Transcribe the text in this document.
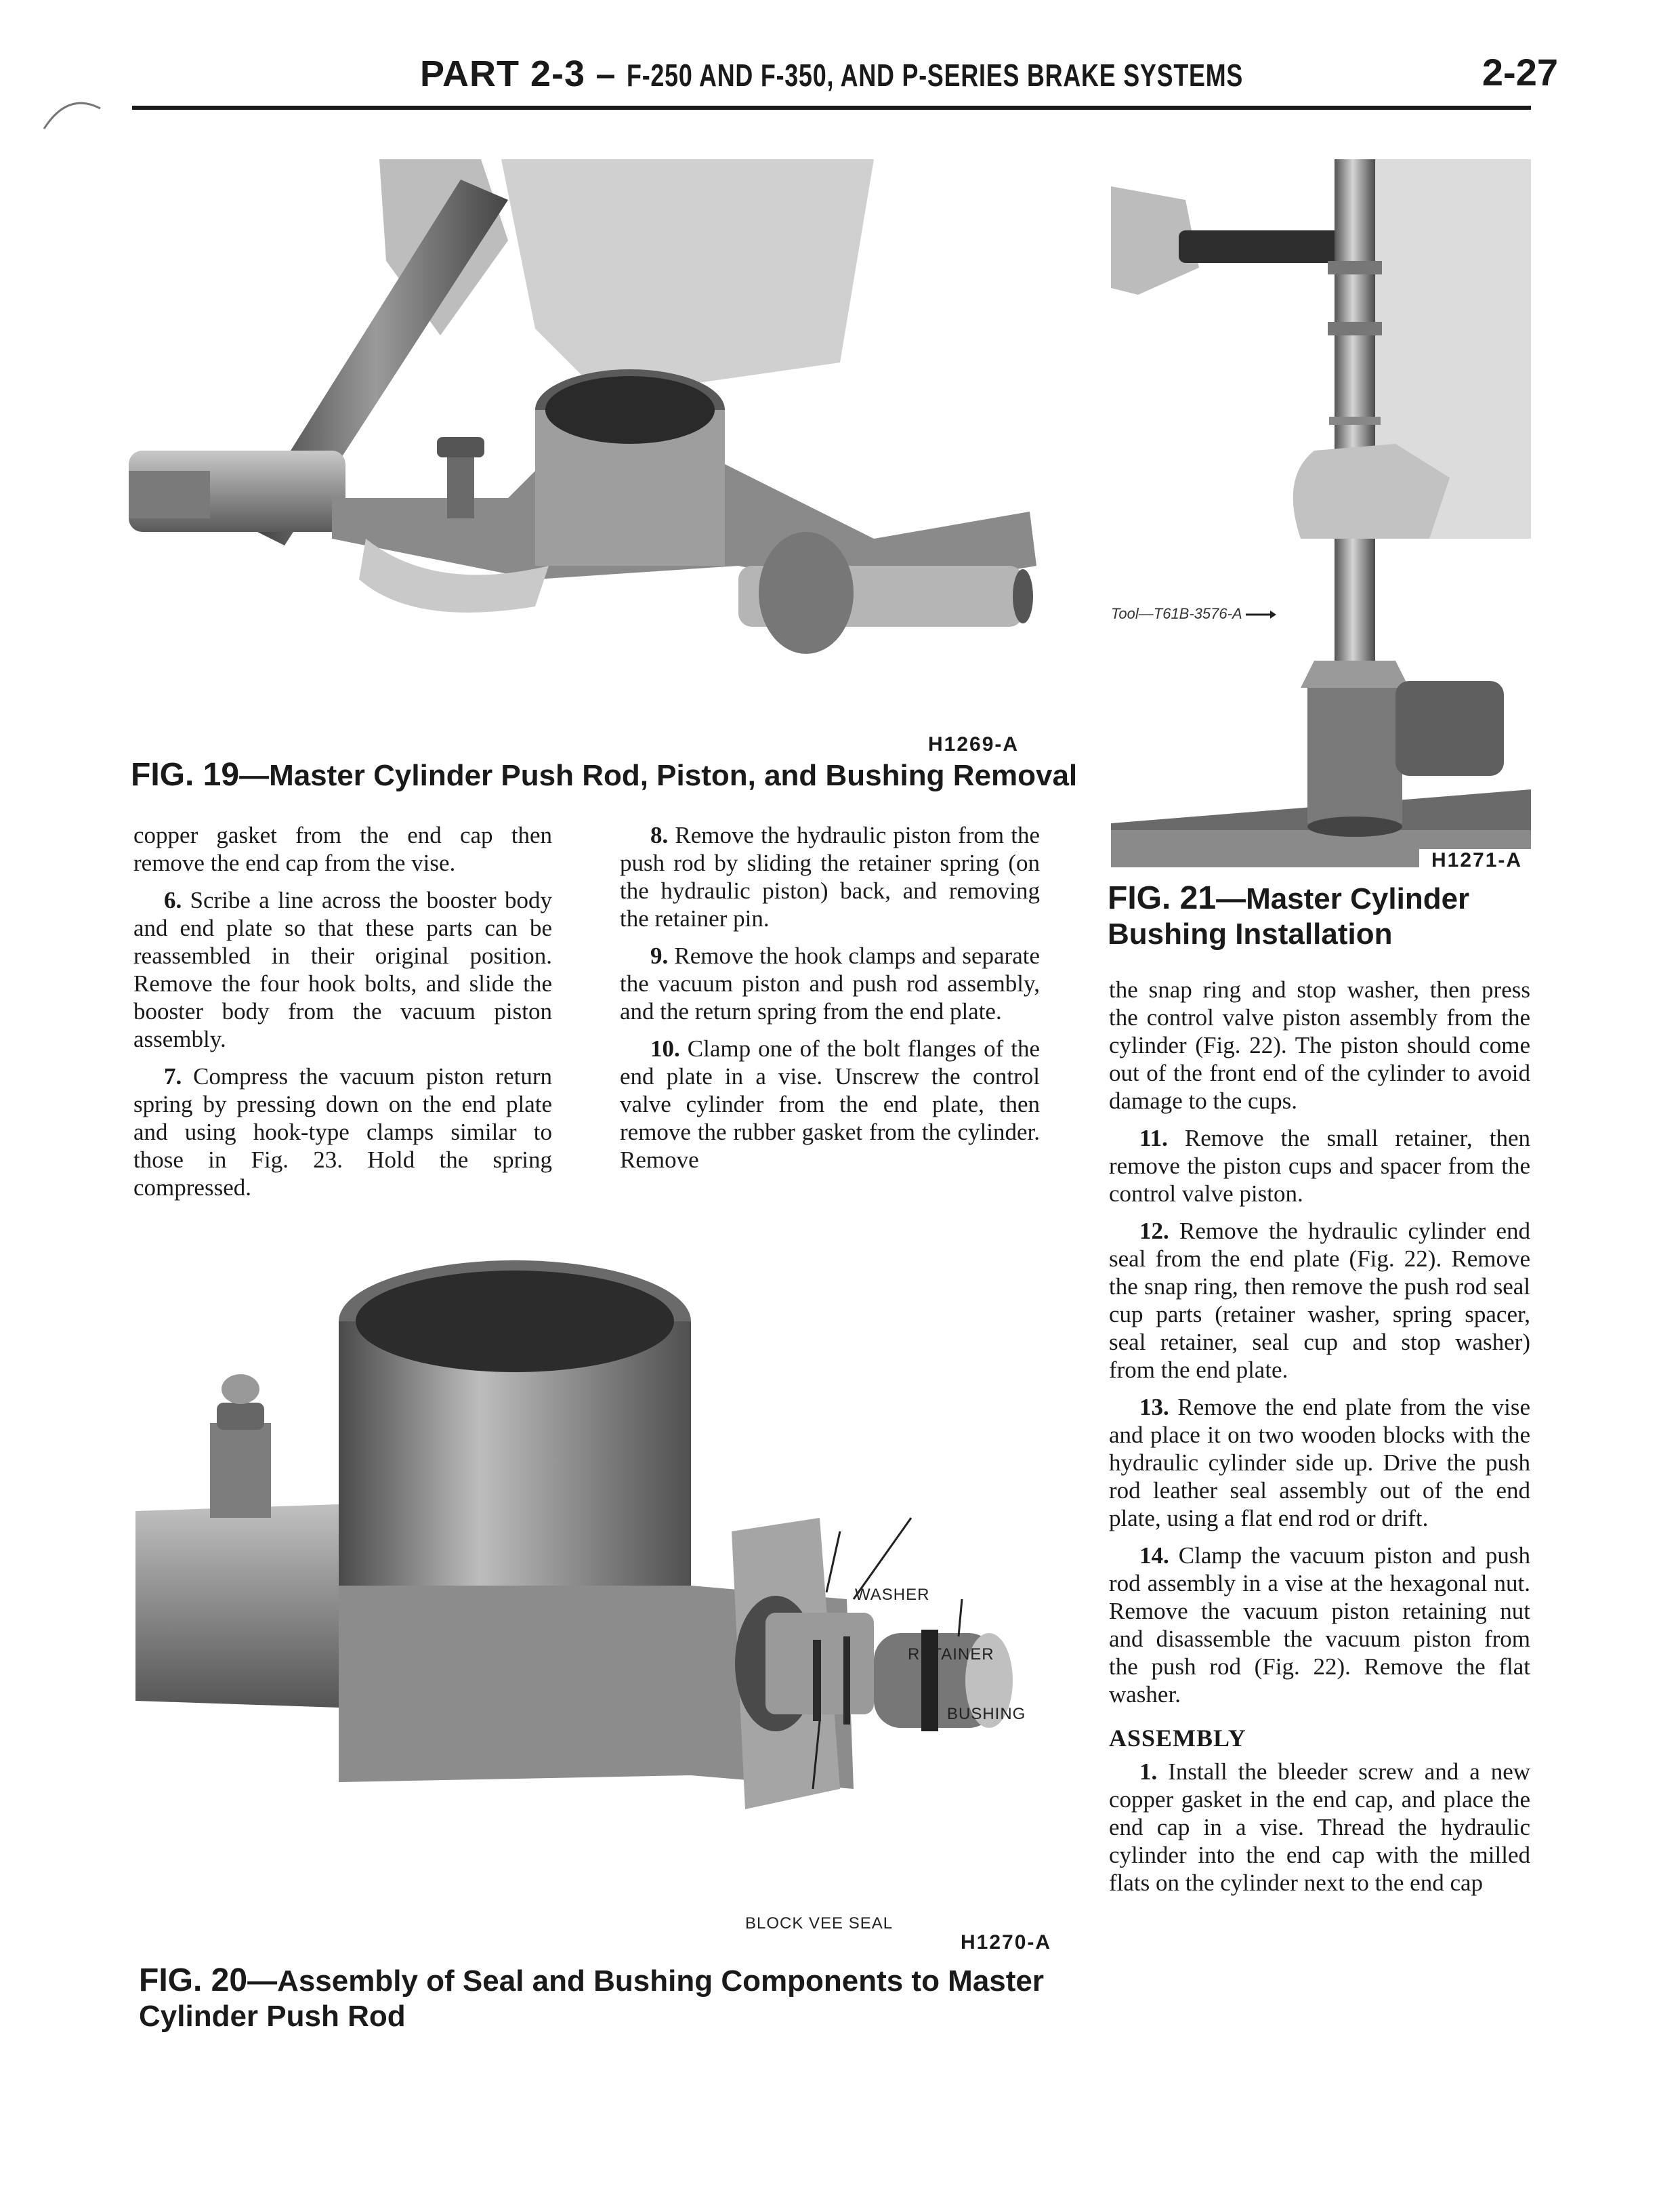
PART 2-3 – F-250 AND F-350, AND P-SERIES BRAKE SYSTEMS	2-27
H1269-A
FIG. 19—Master Cylinder Push Rod, Piston, and Bushing Removal
Tool—T61B-3576-A
H1271-A
FIG. 21—Master Cylinder Bushing Installation

copper gasket from the end cap then remove the end cap from the vise.

6. Scribe a line across the booster body and end plate so that these parts can be reassembled in their original position. Remove the four hook bolts, and slide the booster body from the vacuum piston assembly.

7. Compress the vacuum piston return spring by pressing down on the end plate and using hook-type clamps similar to those in Fig. 23. Hold the spring compressed.

8. Remove the hydraulic piston from the push rod by sliding the retainer spring (on the hydraulic piston) back, and removing the retainer pin.

9. Remove the hook clamps and separate the vacuum piston and push rod assembly, and the return spring from the end plate.

10. Clamp one of the bolt flanges of the end plate in a vise. Unscrew the control valve cylinder from the end plate, then remove the rubber gasket from the cylinder. Remove

WASHER
RETAINER
BUSHING
BLOCK VEE SEAL
H1270-A
FIG. 20—Assembly of Seal and Bushing Components to Master Cylinder Push Rod

the snap ring and stop washer, then press the control valve piston assembly from the cylinder (Fig. 22). The piston should come out of the front end of the cylinder to avoid damage to the cups.

11. Remove the small retainer, then remove the piston cups and spacer from the control valve piston.

12. Remove the hydraulic cylinder end seal from the end plate (Fig. 22). Remove the snap ring, then remove the push rod seal cup parts (retainer washer, spring spacer, seal retainer, seal cup and stop washer) from the end plate.

13. Remove the end plate from the vise and place it on two wooden blocks with the hydraulic cylinder side up. Drive the push rod leather seal assembly out of the end plate, using a flat end rod or drift.

14. Clamp the vacuum piston and push rod assembly in a vise at the hexagonal nut. Remove the vacuum piston retaining nut and disassemble the vacuum piston from the push rod (Fig. 22). Remove the flat washer.

ASSEMBLY

1. Install the bleeder screw and a new copper gasket in the end cap, and place the end cap in a vise. Thread the hydraulic cylinder into the end cap with the milled flats on the cylinder next to the end cap
